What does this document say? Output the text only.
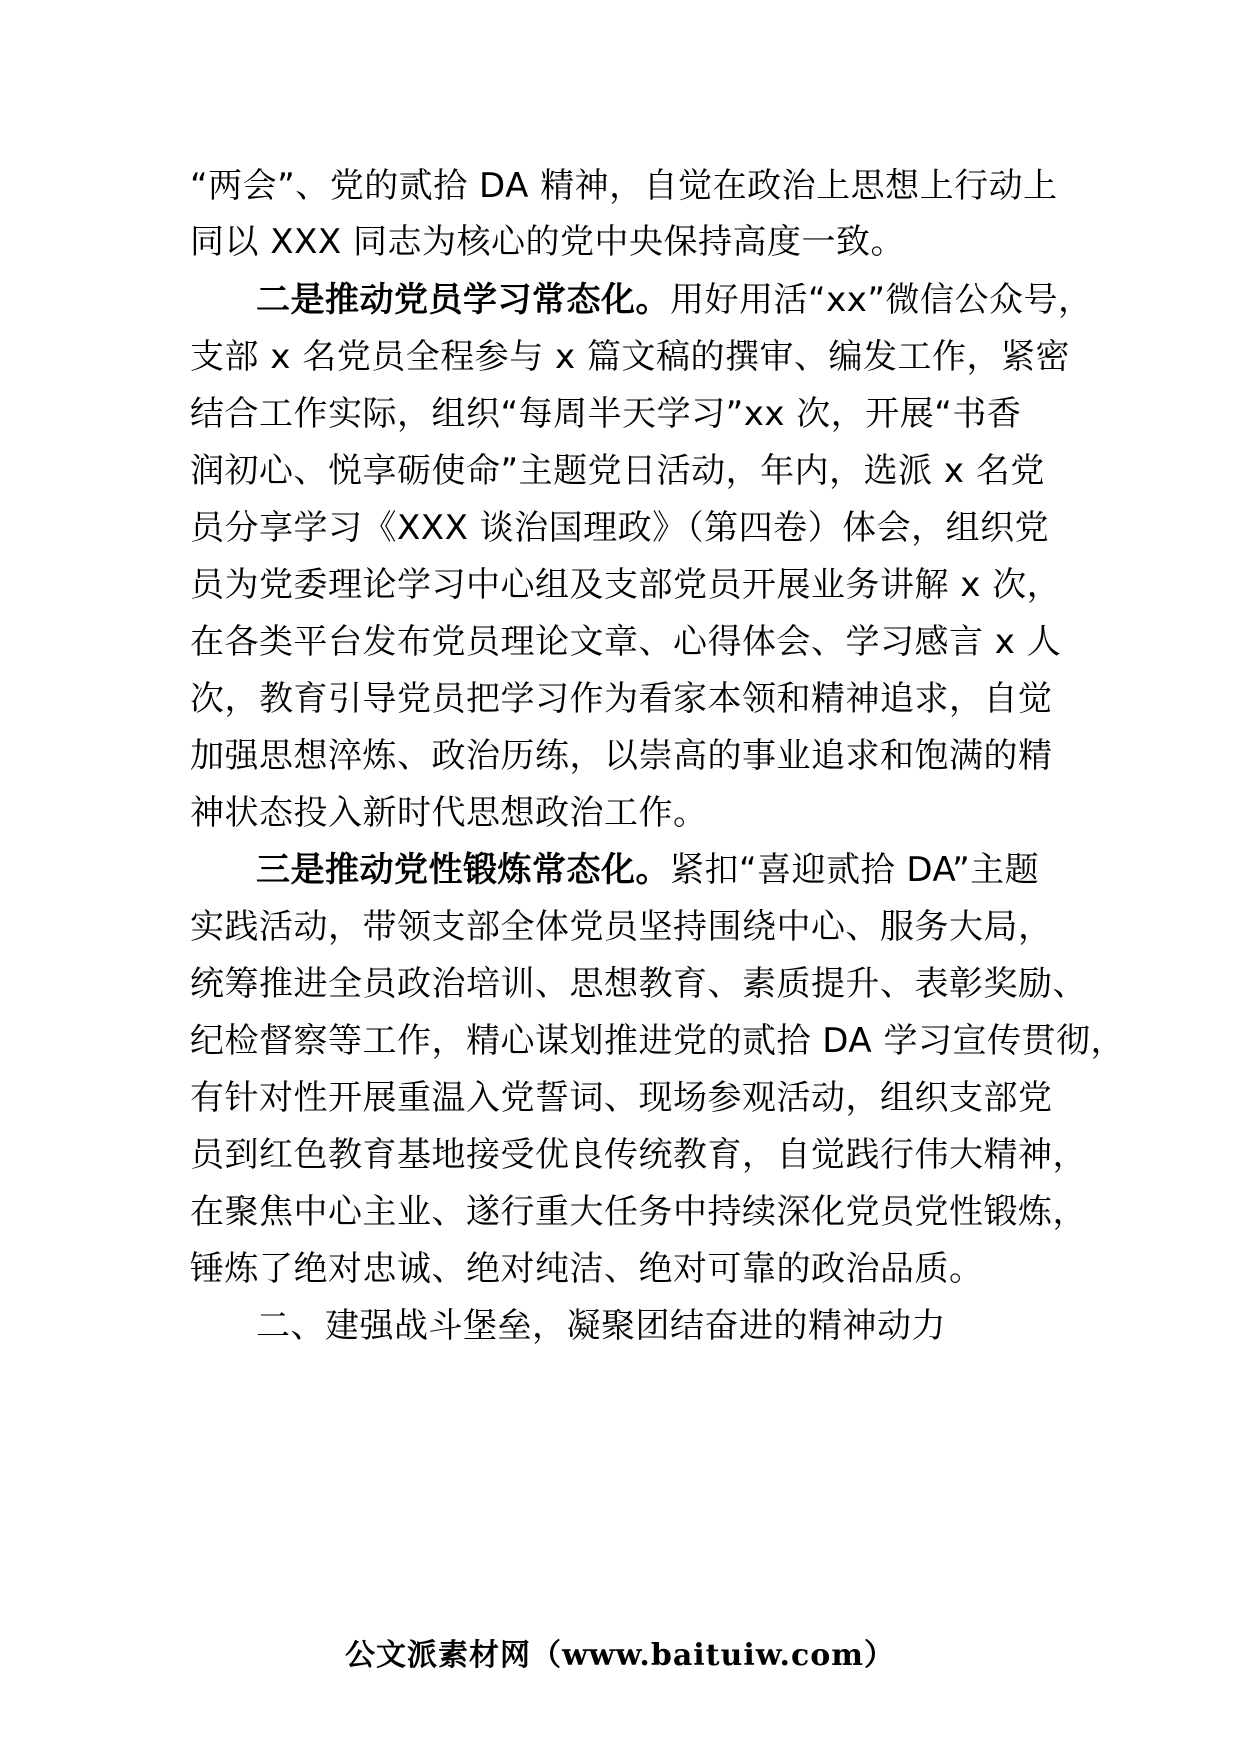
“两会”、党的贰拾 DA 精神，自觉在政治上思想上行动上
同以 XXX 同志为核心的党中央保持高度一致。
二是推动党员学习常态化。用好用活“xx”微信公众号，
支部 x 名党员全程参与 x 篇文稿的撰审、编发工作，紧密
结合工作实际，组织“每周半天学习”xx 次，开展“书香
润初心、悦享砺使命”主题党日活动，年内，选派 x 名党
员分享学习《XXX 谈治国理政》（第四卷）体会，组织党
员为党委理论学习中心组及支部党员开展业务讲解 x 次，
在各类平台发布党员理论文章、心得体会、学习感言 x 人
次，教育引导党员把学习作为看家本领和精神追求，自觉
加强思想淬炼、政治历练，以崇高的事业追求和饱满的精
神状态投入新时代思想政治工作。
三是推动党性锻炼常态化。紧扣“喜迎贰拾 DA”主题
实践活动，带领支部全体党员坚持围绕中心、服务大局，
统筹推进全员政治培训、思想教育、素质提升、表彰奖励、
纪检督察等工作，精心谋划推进党的贰拾 DA 学习宣传贯彻，
有针对性开展重温入党誓词、现场参观活动，组织支部党
员到红色教育基地接受优良传统教育，自觉践行伟大精神，
在聚焦中心主业、遂行重大任务中持续深化党员党性锻炼，
锤炼了绝对忠诚、绝对纯洁、绝对可靠的政治品质。
二、建强战斗堡垒，凝聚团结奋进的精神动力
公文派素材网（www.baituiw.com）
